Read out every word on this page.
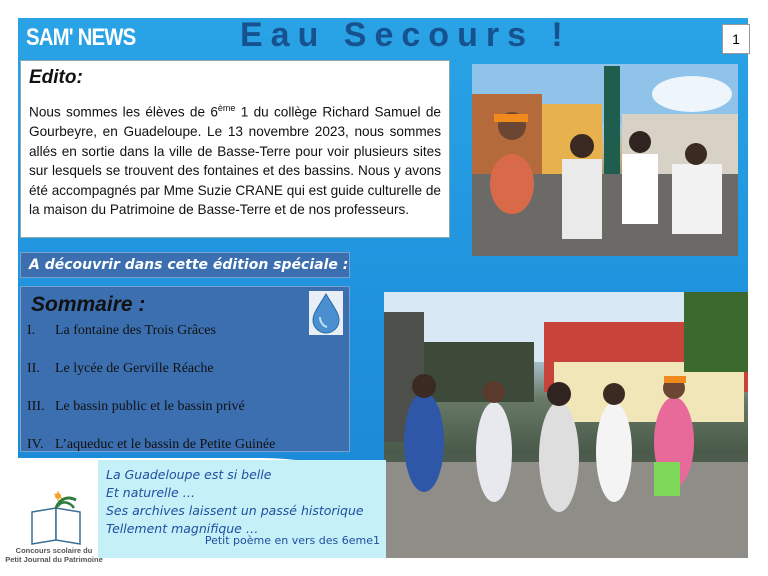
SAM' NEWS	Eau Secours !	1
Edito:

Nous sommes les élèves de 6ème 1 du collège Richard Samuel de Gourbeyre, en Guadeloupe. Le 13 novembre 2023, nous sommes allés en sortie dans la ville de Basse-Terre pour voir plusieurs sites sur lesquels se trouvent des fontaines et des bassins. Nous y avons été accompagnés par Mme Suzie CRANE qui est guide culturelle de la maison du Patrimoine de Basse-Terre et de nos professeurs.

A découvrir dans cette édition spéciale :
Sommaire :
I.	La fontaine des Trois Grâces
II.	Le lycée de Gerville Réache
III. Le bassin public et le bassin privé
IV. L’aqueduc et le bassin de Petite Guinée
La Guadeloupe est si belle
Et naturelle …
Ses archives laissent un passé historique
Tellement magnifique …
Petit poème en vers des 6eme1
Concours scolaire du
Petit Journal du Patrimoine
